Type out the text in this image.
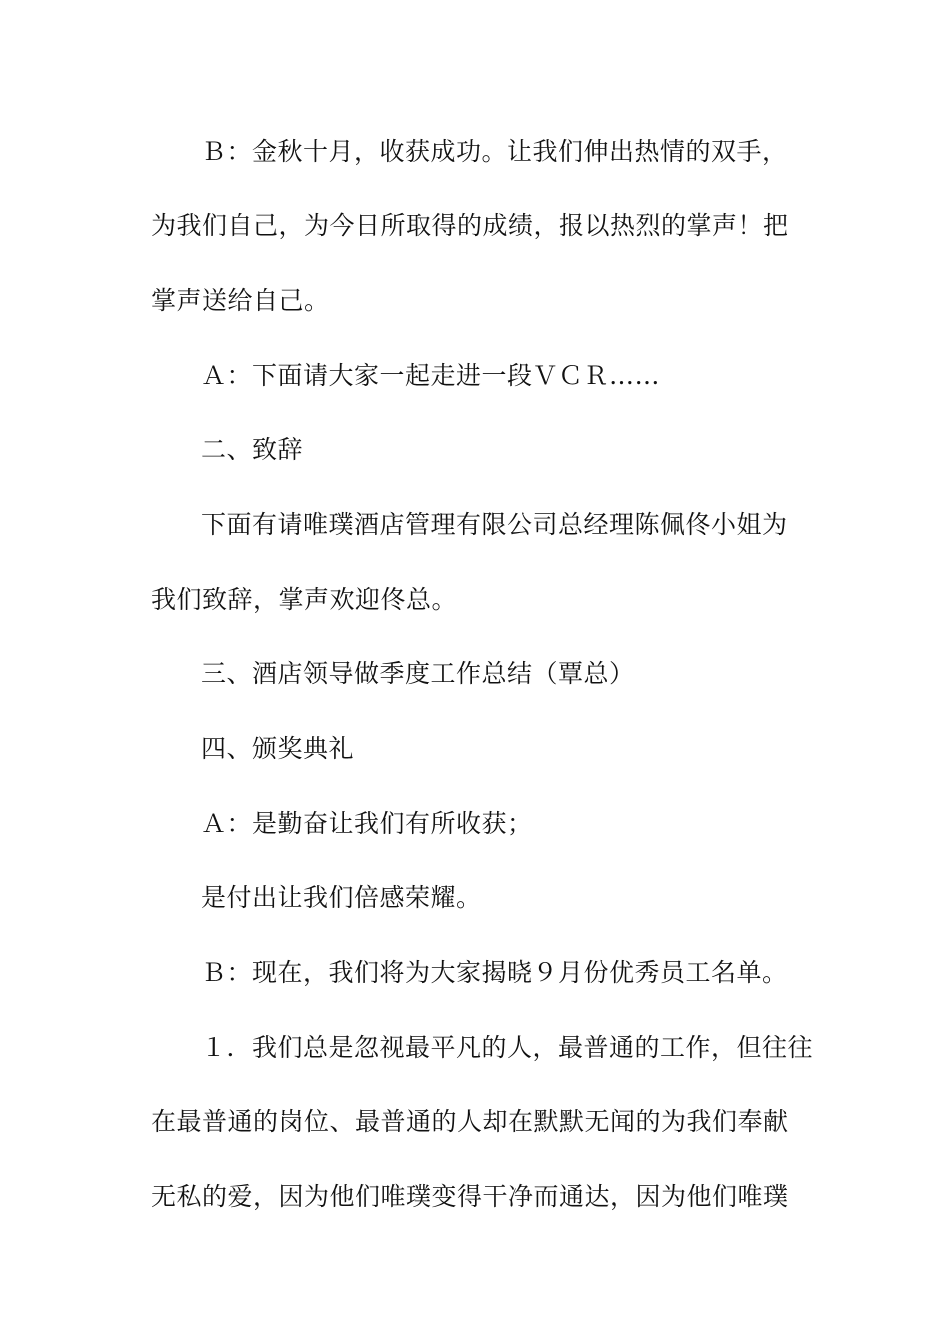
Ｂ：金秋十月，收获成功。让我们伸出热情的双手，
为我们自己，为今日所取得的成绩，报以热烈的掌声！把
掌声送给自己。
Ａ：下面请大家一起走进一段ＶＣＲ……
二、致辞
下面有请唯璞酒店管理有限公司总经理陈佩佟小姐为
我们致辞，掌声欢迎佟总。
三、酒店领导做季度工作总结（覃总）
四、颁奖典礼
Ａ：是勤奋让我们有所收获；
是付出让我们倍感荣耀。
Ｂ：现在，我们将为大家揭晓９月份优秀员工名单。
１．我们总是忽视最平凡的人，最普通的工作，但往往
在最普通的岗位、最普通的人却在默默无闻的为我们奉献
无私的爱，因为他们唯璞变得干净而通达，因为他们唯璞
